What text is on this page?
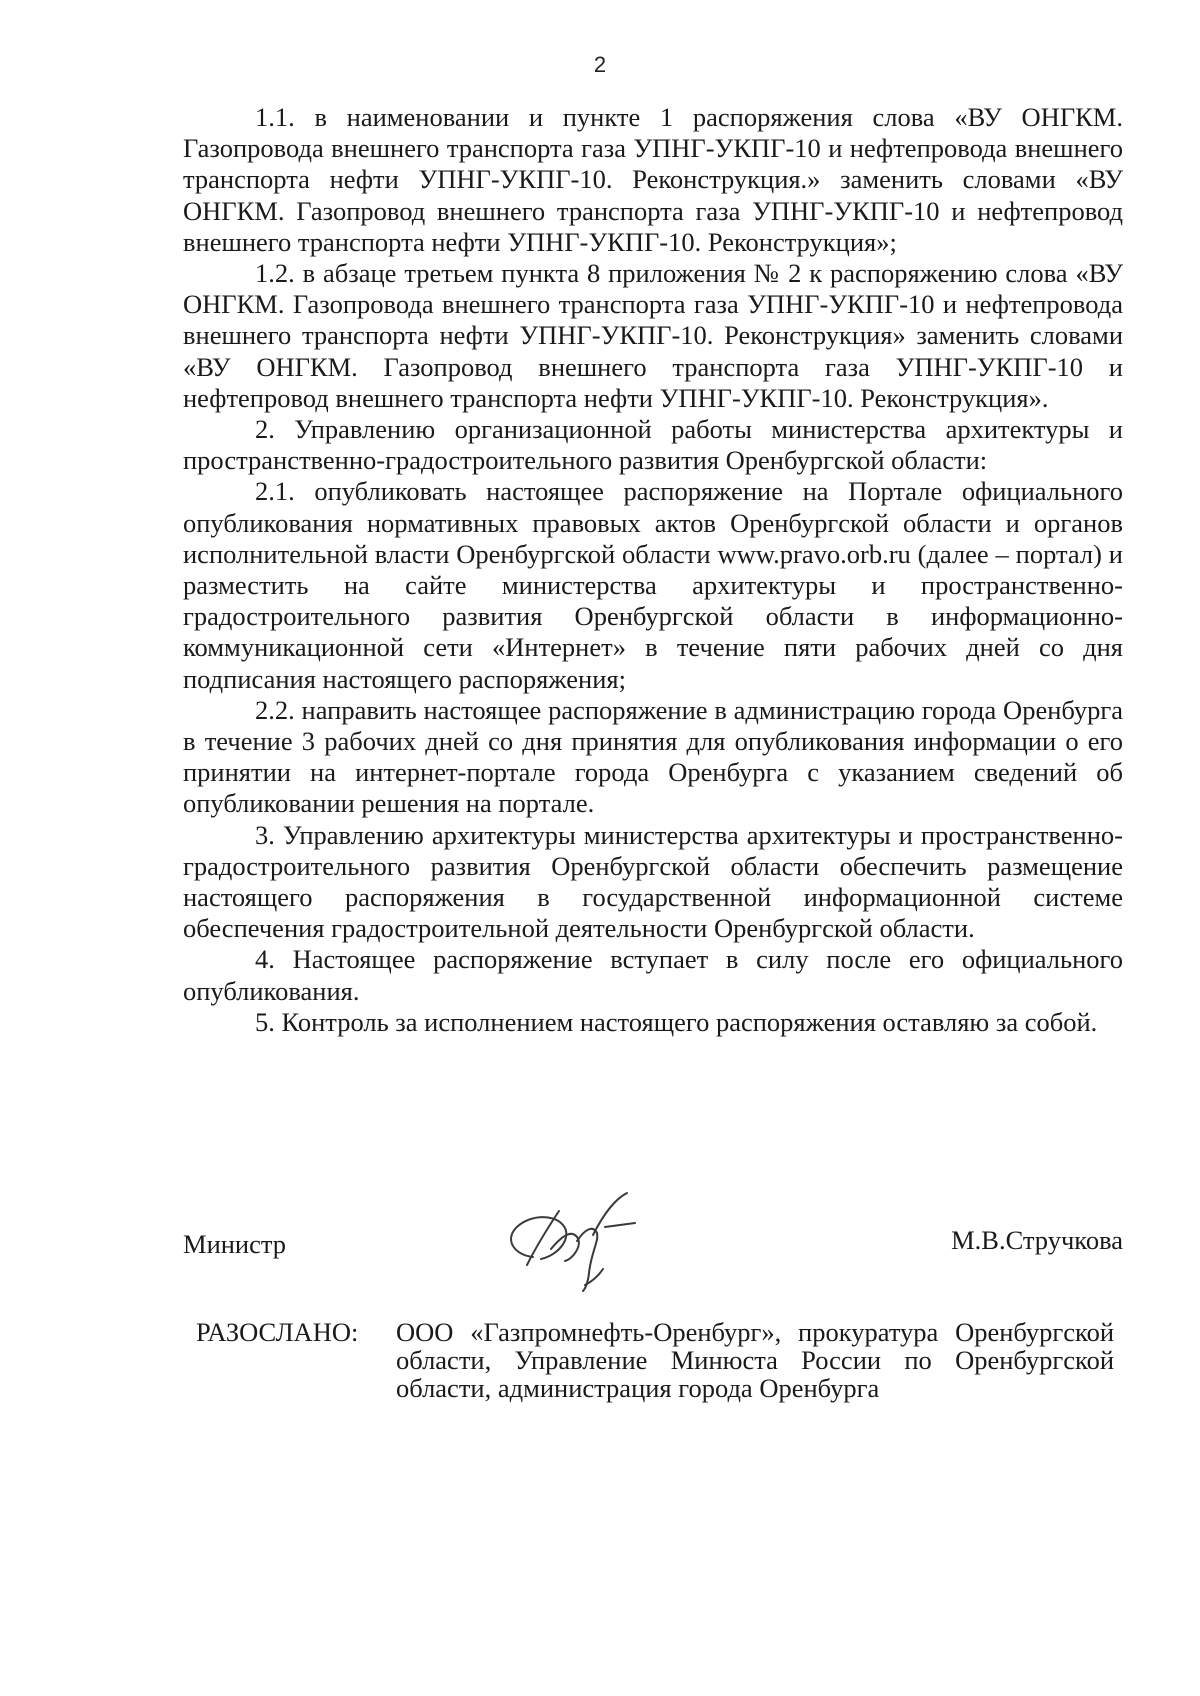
2

1.1. в наименовании и пункте 1 распоряжения слова «ВУ ОНГКМ. Газопровода внешнего транспорта газа УПНГ-УКПГ-10 и нефтепровода внешнего транспорта нефти УПНГ-УКПГ-10. Реконструкция.» заменить словами «ВУ ОНГКМ. Газопровод внешнего транспорта газа УПНГ-УКПГ-10 и нефтепровод внешнего транспорта нефти УПНГ-УКПГ-10. Реконструкция»;

1.2. в абзаце третьем пункта 8 приложения № 2 к распоряжению слова «ВУ ОНГКМ. Газопровода внешнего транспорта газа УПНГ-УКПГ-10 и нефтепровода внешнего транспорта нефти УПНГ-УКПГ-10. Реконструкция» заменить словами «ВУ ОНГКМ. Газопровод внешнего транспорта газа УПНГ-УКПГ-10 и нефтепровод внешнего транспорта нефти УПНГ-УКПГ-10. Реконструкция».

2. Управлению организационной работы министерства архитектуры и пространственно-градостроительного развития Оренбургской области:

2.1. опубликовать настоящее распоряжение на Портале официального опубликования нормативных правовых актов Оренбургской области и органов исполнительной власти Оренбургской области www.pravo.orb.ru (далее – портал) и разместить на сайте министерства архитектуры и пространственно-градостроительного развития Оренбургской области в информационно-коммуникационной сети «Интернет» в течение пяти рабочих дней со дня подписания настоящего распоряжения;

2.2. направить настоящее распоряжение в администрацию города Оренбурга в течение 3 рабочих дней со дня принятия для опубликования информации о его принятии на интернет-портале города Оренбурга с указанием сведений об опубликовании решения на портале.

3. Управлению архитектуры министерства архитектуры и пространственно-градостроительного развития Оренбургской области обеспечить размещение настоящего распоряжения в государственной информационной системе обеспечения градостроительной деятельности Оренбургской области.

4. Настоящее распоряжение вступает в силу после его официального опубликования.

5. Контроль за исполнением настоящего распоряжения оставляю за собой.

Министр	М.В.Стручкова
РАЗОСЛАНО:	ООО «Газпромнефть-Оренбург», прокуратура Оренбургской области, Управление Минюста России по Оренбургской области, администрация города Оренбурга
